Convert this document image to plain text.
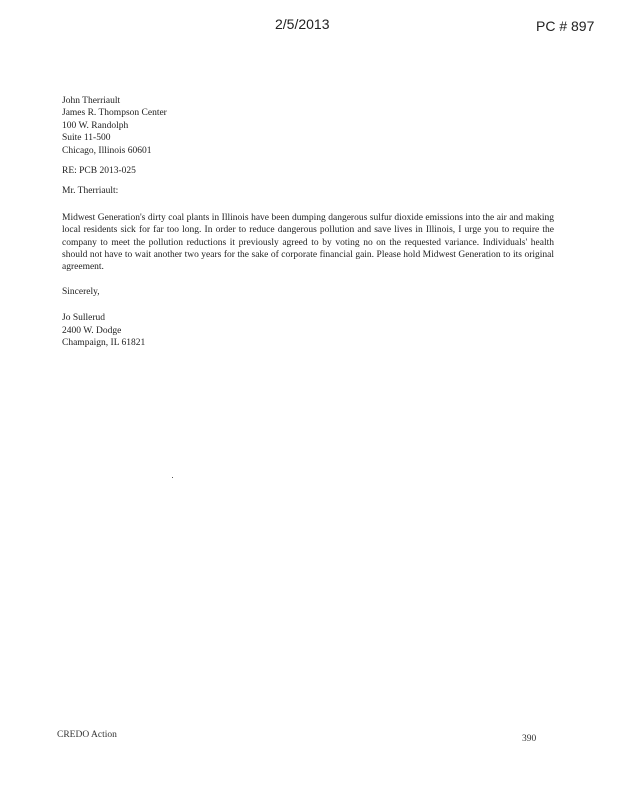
2/5/2013	PC # 897
John Therriault
James R. Thompson Center
100 W. Randolph
Suite 11-500
Chicago, Illinois 60601
RE: PCB 2013-025
Mr. Therriault:
Midwest Generation's dirty coal plants in Illinois have been dumping dangerous sulfur dioxide emissions into the air and making local residents sick for far too long. In order to reduce dangerous pollution and save lives in Illinois, I urge you to require the company to meet the pollution reductions it previously agreed to by voting no on the requested variance. Individuals' health should not have to wait another two years for the sake of corporate financial gain. Please hold Midwest Generation to its original agreement.
Sincerely,
Jo Sullerud
2400 W. Dodge
Champaign, IL 61821
CREDO Action	390
